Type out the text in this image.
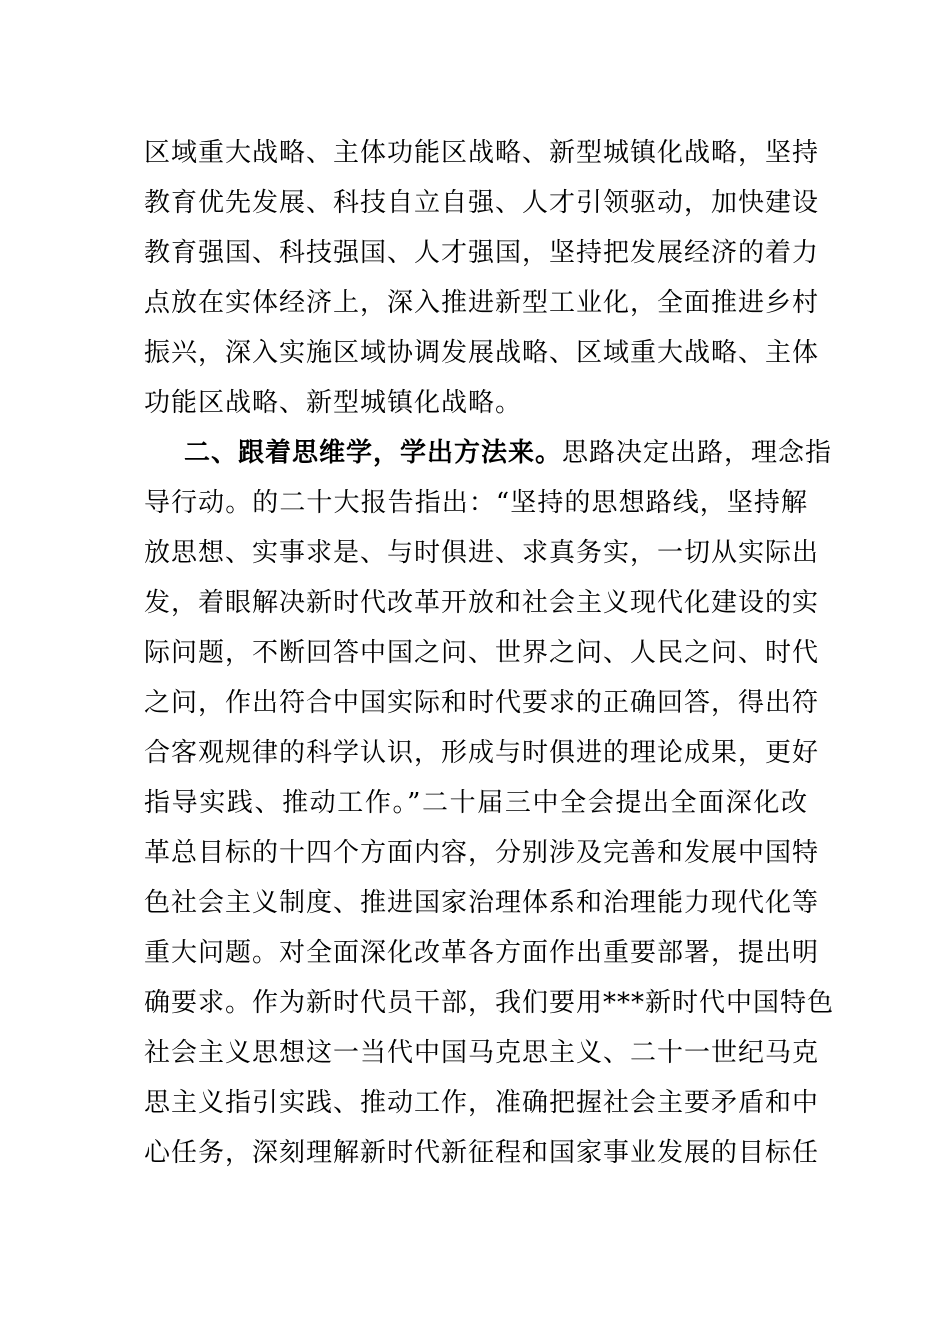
区域重大战略、主体功能区战略、新型城镇化战略，坚持
教育优先发展、科技自立自强、人才引领驱动，加快建设
教育强国、科技强国、人才强国，坚持把发展经济的着力
点放在实体经济上，深入推进新型工业化，全面推进乡村
振兴，深入实施区域协调发展战略、区域重大战略、主体
功能区战略、新型城镇化战略。
二、跟着思维学，学出方法来。思路决定出路，理念指
导行动。的二十大报告指出：“坚持的思想路线，坚持解
放思想、实事求是、与时俱进、求真务实，一切从实际出
发，着眼解决新时代改革开放和社会主义现代化建设的实
际问题，不断回答中国之问、世界之问、人民之问、时代
之问，作出符合中国实际和时代要求的正确回答，得出符
合客观规律的科学认识，形成与时俱进的理论成果，更好
指导实践、推动工作。”二十届三中全会提出全面深化改
革总目标的十四个方面内容，分别涉及完善和发展中国特
色社会主义制度、推进国家治理体系和治理能力现代化等
重大问题。对全面深化改革各方面作出重要部署，提出明
确要求。作为新时代员干部，我们要用***新时代中国特色
社会主义思想这一当代中国马克思主义、二十一世纪马克
思主义指引实践、推动工作，准确把握社会主要矛盾和中
心任务，深刻理解新时代新征程和国家事业发展的目标任
